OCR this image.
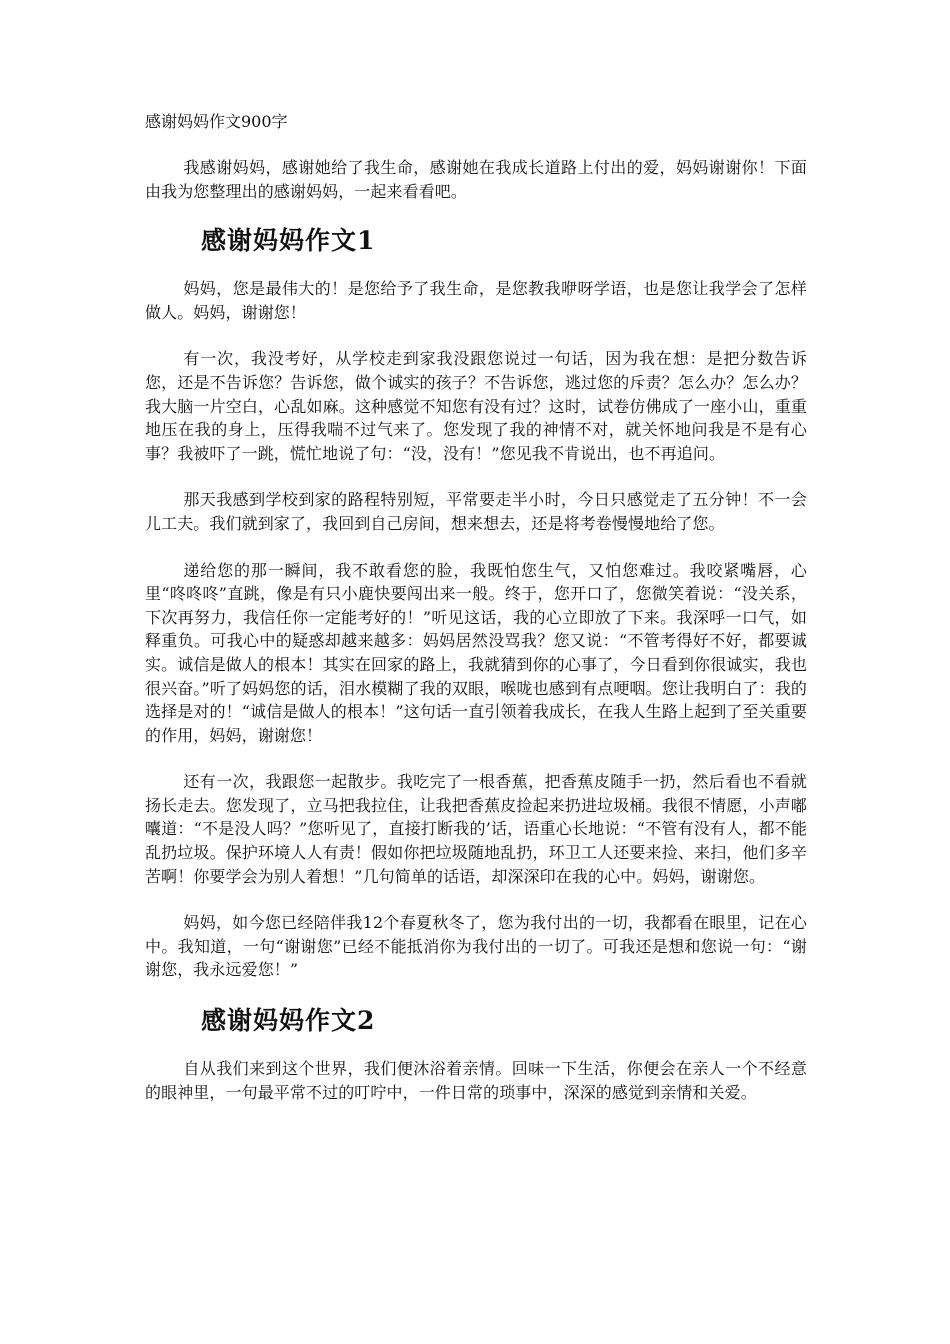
感谢妈妈作文900字

我感谢妈妈，感谢她给了我生命，感谢她在我成长道路上付出的爱，妈妈谢谢你！下面由我为您整理出的感谢妈妈，一起来看看吧。

感谢妈妈作文1

妈妈，您是最伟大的！是您给予了我生命，是您教我咿呀学语，也是您让我学会了怎样做人。妈妈，谢谢您！

有一次，我没考好，从学校走到家我没跟您说过一句话，因为我在想：是把分数告诉您，还是不告诉您？告诉您，做个诚实的孩子？不告诉您，逃过您的斥责？怎么办？怎么办？我大脑一片空白，心乱如麻。这种感觉不知您有没有过？这时，试卷仿佛成了一座小山，重重地压在我的身上，压得我喘不过气来了。您发现了我的神情不对，就关怀地问我是不是有心事？我被吓了一跳，慌忙地说了句：“没，没有！”您见我不肯说出，也不再追问。

那天我感到学校到家的路程特别短，平常要走半小时，今日只感觉走了五分钟！不一会儿工夫。我们就到家了，我回到自己房间，想来想去，还是将考卷慢慢地给了您。

递给您的那一瞬间，我不敢看您的脸，我既怕您生气，又怕您难过。我咬紧嘴唇，心里“咚咚咚”直跳，像是有只小鹿快要闯出来一般。终于，您开口了，您微笑着说：“没关系，下次再努力，我信任你一定能考好的！”听见这话，我的心立即放了下来。我深呼一口气，如释重负。可我心中的疑惑却越来越多：妈妈居然没骂我？您又说：“不管考得好不好，都要诚实。诚信是做人的根本！其实在回家的路上，我就猜到你的心事了，今日看到你很诚实，我也很兴奋。”听了妈妈您的话，泪水模糊了我的双眼，喉咙也感到有点哽咽。您让我明白了：我的选择是对的！“诚信是做人的根本！”这句话一直引领着我成长，在我人生路上起到了至关重要的作用，妈妈，谢谢您！

还有一次，我跟您一起散步。我吃完了一根香蕉，把香蕉皮随手一扔，然后看也不看就扬长走去。您发现了，立马把我拉住，让我把香蕉皮捡起来扔进垃圾桶。我很不情愿，小声嘟囔道：“不是没人吗？”您听见了，直接打断我的’话，语重心长地说：“不管有没有人，都不能乱扔垃圾。保护环境人人有责！假如你把垃圾随地乱扔，环卫工人还要来捡、来扫，他们多辛苦啊！你要学会为别人着想！”几句简单的话语，却深深印在我的心中。妈妈，谢谢您。

妈妈，如今您已经陪伴我12个春夏秋冬了，您为我付出的一切，我都看在眼里，记在心中。我知道，一句“谢谢您”已经不能抵消你为我付出的一切了。可我还是想和您说一句：“谢谢您，我永远爱您！”

感谢妈妈作文2

自从我们来到这个世界，我们便沐浴着亲情。回味一下生活，你便会在亲人一个不经意的眼神里，一句最平常不过的叮咛中，一件日常的琐事中，深深的感觉到亲情和关爱。
